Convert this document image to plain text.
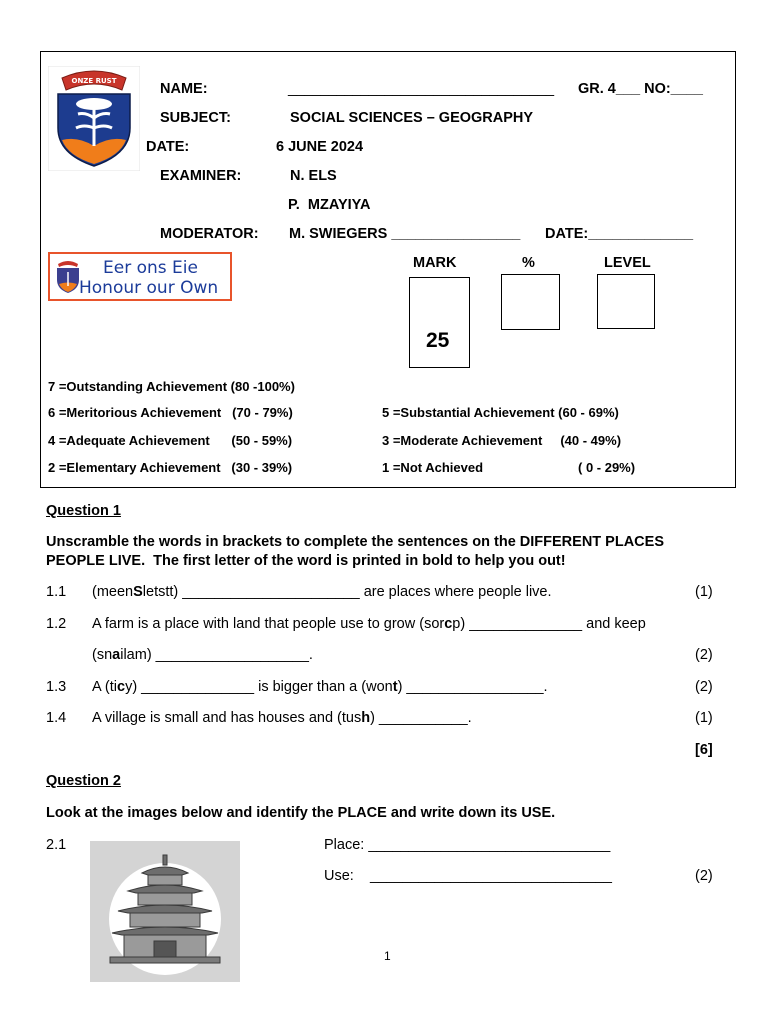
ONZE RUST	NAME:	_________________________________ GR. 4___ NO:____
SUBJECT:	SOCIAL SCIENCES – GEOGRAPHY
DATE:	6 JUNE 2024
EXAMINER:	N. ELS
P.  MZAYIYA
MODERATOR: M. SWIEGERS ________________ DATE:_____________
Eer ons Eie
Honour our Own
MARK	%	LEVEL
25
7 =Outstanding Achievement (80 -100%)
6 =Meritorious Achievement   (70 - 79%)	5 =Substantial Achievement (60 - 69%)
4 =Adequate Achievement      (50 - 59%)	3 =Moderate Achievement     (40 - 49%)
2 =Elementary Achievement   (30 - 39%)	1 =Not Achieved	( 0 - 29%)
Question 1
Unscramble the words in brackets to complete the sentences on the DIFFERENT PLACES
PEOPLE LIVE.  The first letter of the word is printed in bold to help you out!
1.1 (meenSletstt) ______________________ are places where people live.	(1)
1.2 A farm is a place with land that people use to grow (sorcp) ______________ and keep
(snailam) ___________________.	(2)
1.3 A (ticy) ______________ is bigger than a (wont) _________________.	(2)
1.4 A village is small and has houses and (tush) ___________.	(1)
[6]
Question 2
Look at the images below and identify the PLACE and write down its USE.
2.1	Place: ______________________________
Use: ______________________________	(2)
1
